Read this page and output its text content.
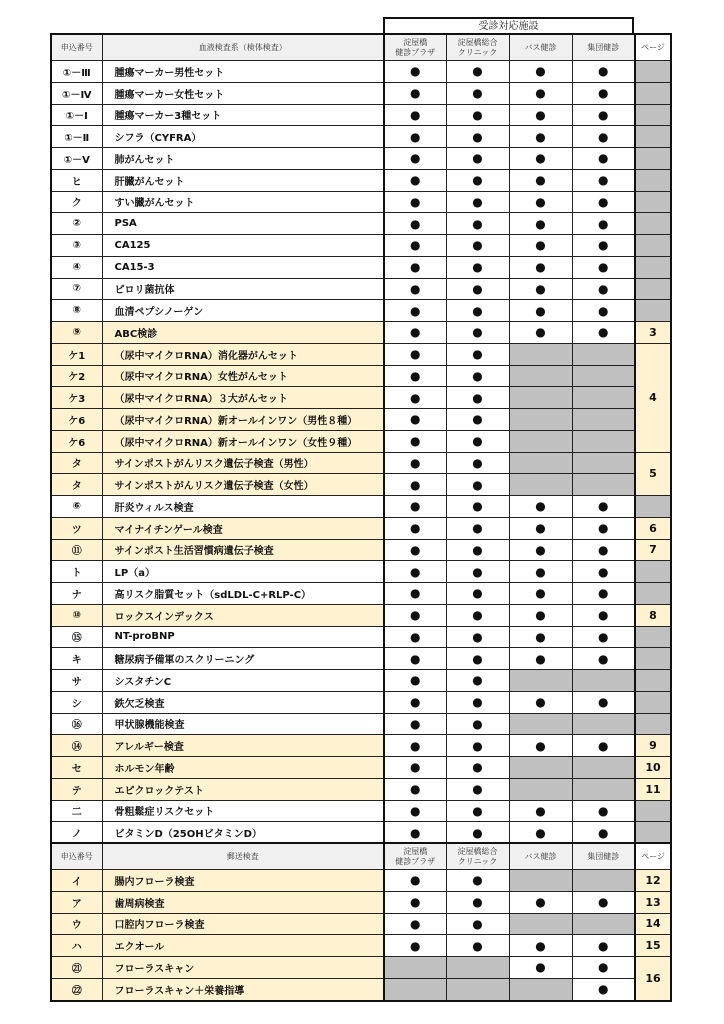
受診対応施設
申込番号	血液検査系（検体検査）	淀屋橋
健診プラザ	淀屋橋総合
クリニック	バス健診	集団健診	ページ
①－Ⅲ	腫瘍マーカー男性セット	●	●	●	●	
①－Ⅳ	腫瘍マーカー女性セット	●	●	●	●	
①－Ⅰ	腫瘍マーカー3種セット	●	●	●	●	
①－Ⅱ	シフラ（CYFRA）	●	●	●	●	
①－Ⅴ	肺がんセット	●	●	●	●	
ヒ	肝臓がんセット	●	●	●	●	
ク	すい臓がんセット	●	●	●	●	
②	PSA	●	●	●	●	
③	CA125	●	●	●	●	
④	CA15-3	●	●	●	●	
⑦	ピロリ菌抗体	●	●	●	●	
⑧	血清ペプシノーゲン	●	●	●	●	
⑨	ABC検診	●	●	●	●	3
ケ1	（尿中マイクロRNA）消化器がんセット	●	●			4
ケ2	（尿中マイクロRNA）女性がんセット	●	●			
ケ3	（尿中マイクロRNA）３大がんセット	●	●			
ケ6	（尿中マイクロRNA）新オールインワン（男性８種）	●	●			
ケ6	（尿中マイクロRNA）新オールインワン（女性９種）	●	●			
タ	サインポストがんリスク遺伝子検査（男性）	●	●			5
タ	サインポストがんリスク遺伝子検査（女性）	●	●			
⑥	肝炎ウィルス検査	●	●	●	●	
ツ	マイナイチンゲール検査	●	●	●	●	6
⑪	サインポスト生活習慣病遺伝子検査	●	●	●	●	7
ト	LP（a）	●	●	●	●	
ナ	高リスク脂質セット（sdLDL-C+RLP-C）	●	●	●	●	
⑩	ロックスインデックス	●	●	●	●	8
⑮	NT-proBNP	●	●	●	●	
キ	糖尿病予備軍のスクリーニング	●	●	●	●	
サ	シスタチンC	●	●			
シ	鉄欠乏検査	●	●	●	●	
⑯	甲状腺機能検査	●	●			
⑭	アレルギー検査	●	●	●	●	9
セ	ホルモン年齢	●	●			10
テ	エピクロックテスト	●	●			11
二	骨粗鬆症リスクセット	●	●	●	●	
ノ	ビタミンD（25OHビタミンD）	●	●	●	●	
申込番号	郵送検査	淀屋橋
健診プラザ	淀屋橋総合
クリニック	バス健診	集団健診	ページ
イ	腸内フローラ検査	●	●			12
ア	歯周病検査	●	●	●	●	13
ウ	口腔内フローラ検査	●	●			14
ハ	エクオール	●	●	●	●	15
㉑	フローラスキャン			●	●	16
㉒	フローラスキャン＋栄養指導				●	
